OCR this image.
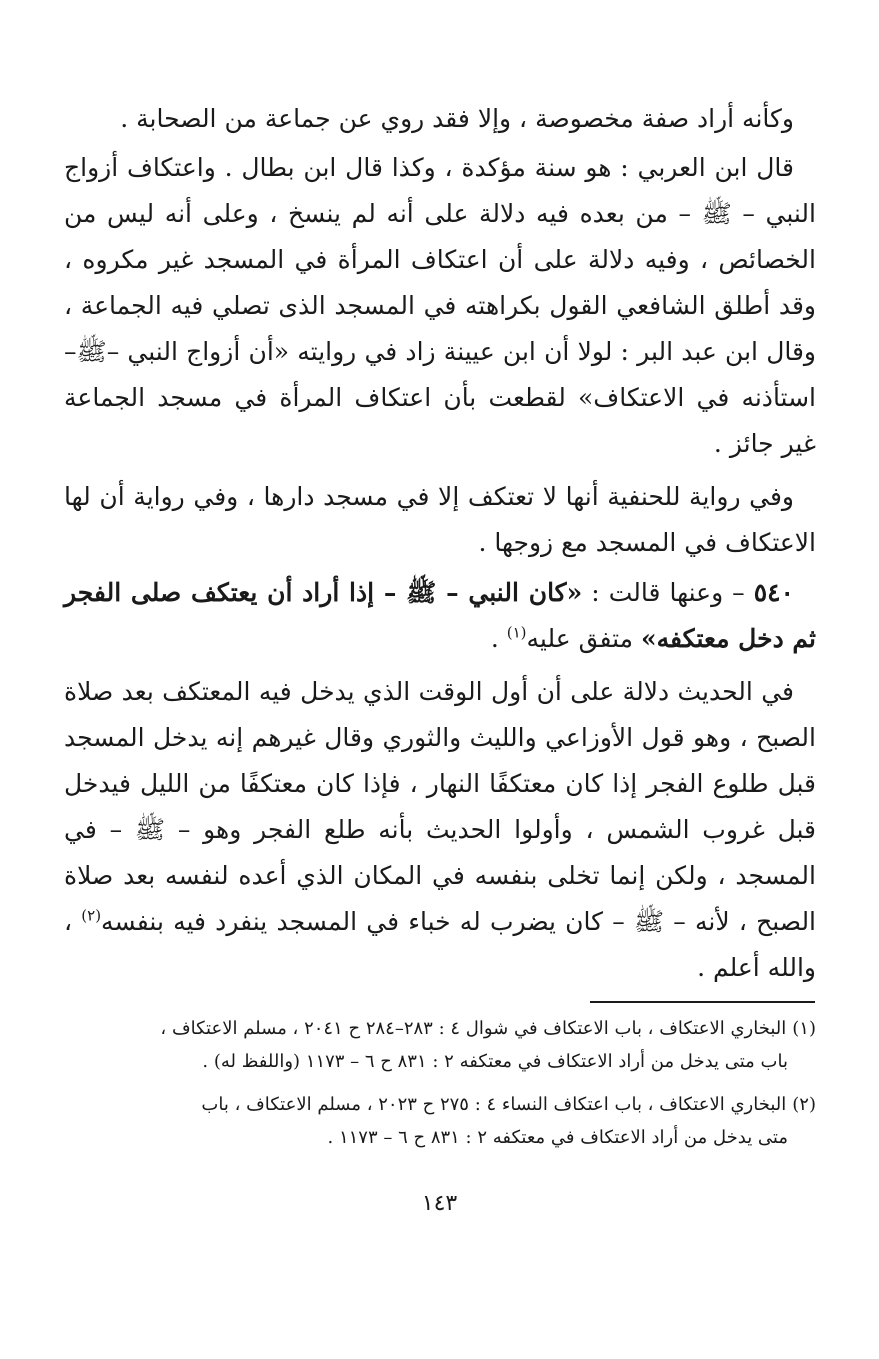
وكأنه أراد صفة مخصوصة ، وإلا فقد روي عن جماعة من الصحابة .

قال ابن العربي : هو سنة مؤكدة ، وكذا قال ابن بطال . واعتكاف أزواج النبي – ﷺ – من بعده فيه دلالة على أنه لم ينسخ ، وعلى أنه ليس من الخصائص ، وفيه دلالة على أن اعتكاف المرأة في المسجد غير مكروه ، وقد أطلق الشافعي القول بكراهته في المسجد الذى تصلي فيه الجماعة ، وقال ابن عبد البر : لولا أن ابن عيينة زاد في روايته «أن أزواج النبي –ﷺ– استأذنه في الاعتكاف» لقطعت بأن اعتكاف المرأة في مسجد الجماعة غير جائز .

وفي رواية للحنفية أنها لا تعتكف إلا في مسجد دارها ، وفي رواية أن لها الاعتكاف في المسجد مع زوجها .

٥٤٠ – وعنها قالت : «كان النبي – ﷺ – إذا أراد أن يعتكف صلى الفجر ثم دخل معتكفه» متفق عليه$^{(١)}$ .

في الحديث دلالة على أن أول الوقت الذي يدخل فيه المعتكف بعد صلاة الصبح ، وهو قول الأوزاعي والليث والثوري وقال غيرهم إنه يدخل المسجد قبل طلوع الفجر إذا كان معتكفًا النهار ، فإذا كان معتكفًا من الليل فيدخل قبل غروب الشمس ، وأولوا الحديث بأنه طلع الفجر وهو – ﷺ – في المسجد ، ولكن إنما تخلى بنفسه في المكان الذي أعده لنفسه بعد صلاة الصبح ، لأنه – ﷺ – كان يضرب له خباء في المسجد ينفرد فيه بنفسه$^{(٢)}$ ، والله أعلم .

(١)البخاري الاعتكاف ، باب الاعتكاف في شوال ٤ : ٢٨٣–٢٨٤ ح ٢٠٤١ ، مسلم الاعتكاف ،
باب متى يدخل من أراد الاعتكاف في معتكفه ٢ : ٨٣١ ح ٦ – ١١٧٣ (واللفظ له) .

(٢)البخاري الاعتكاف ، باب اعتكاف النساء ٤ : ٢٧٥ ح ٢٠٢٣ ، مسلم الاعتكاف ، باب
متى يدخل من أراد الاعتكاف في معتكفه ٢ : ٨٣١ ح ٦ – ١١٧٣ .

١٤٣
